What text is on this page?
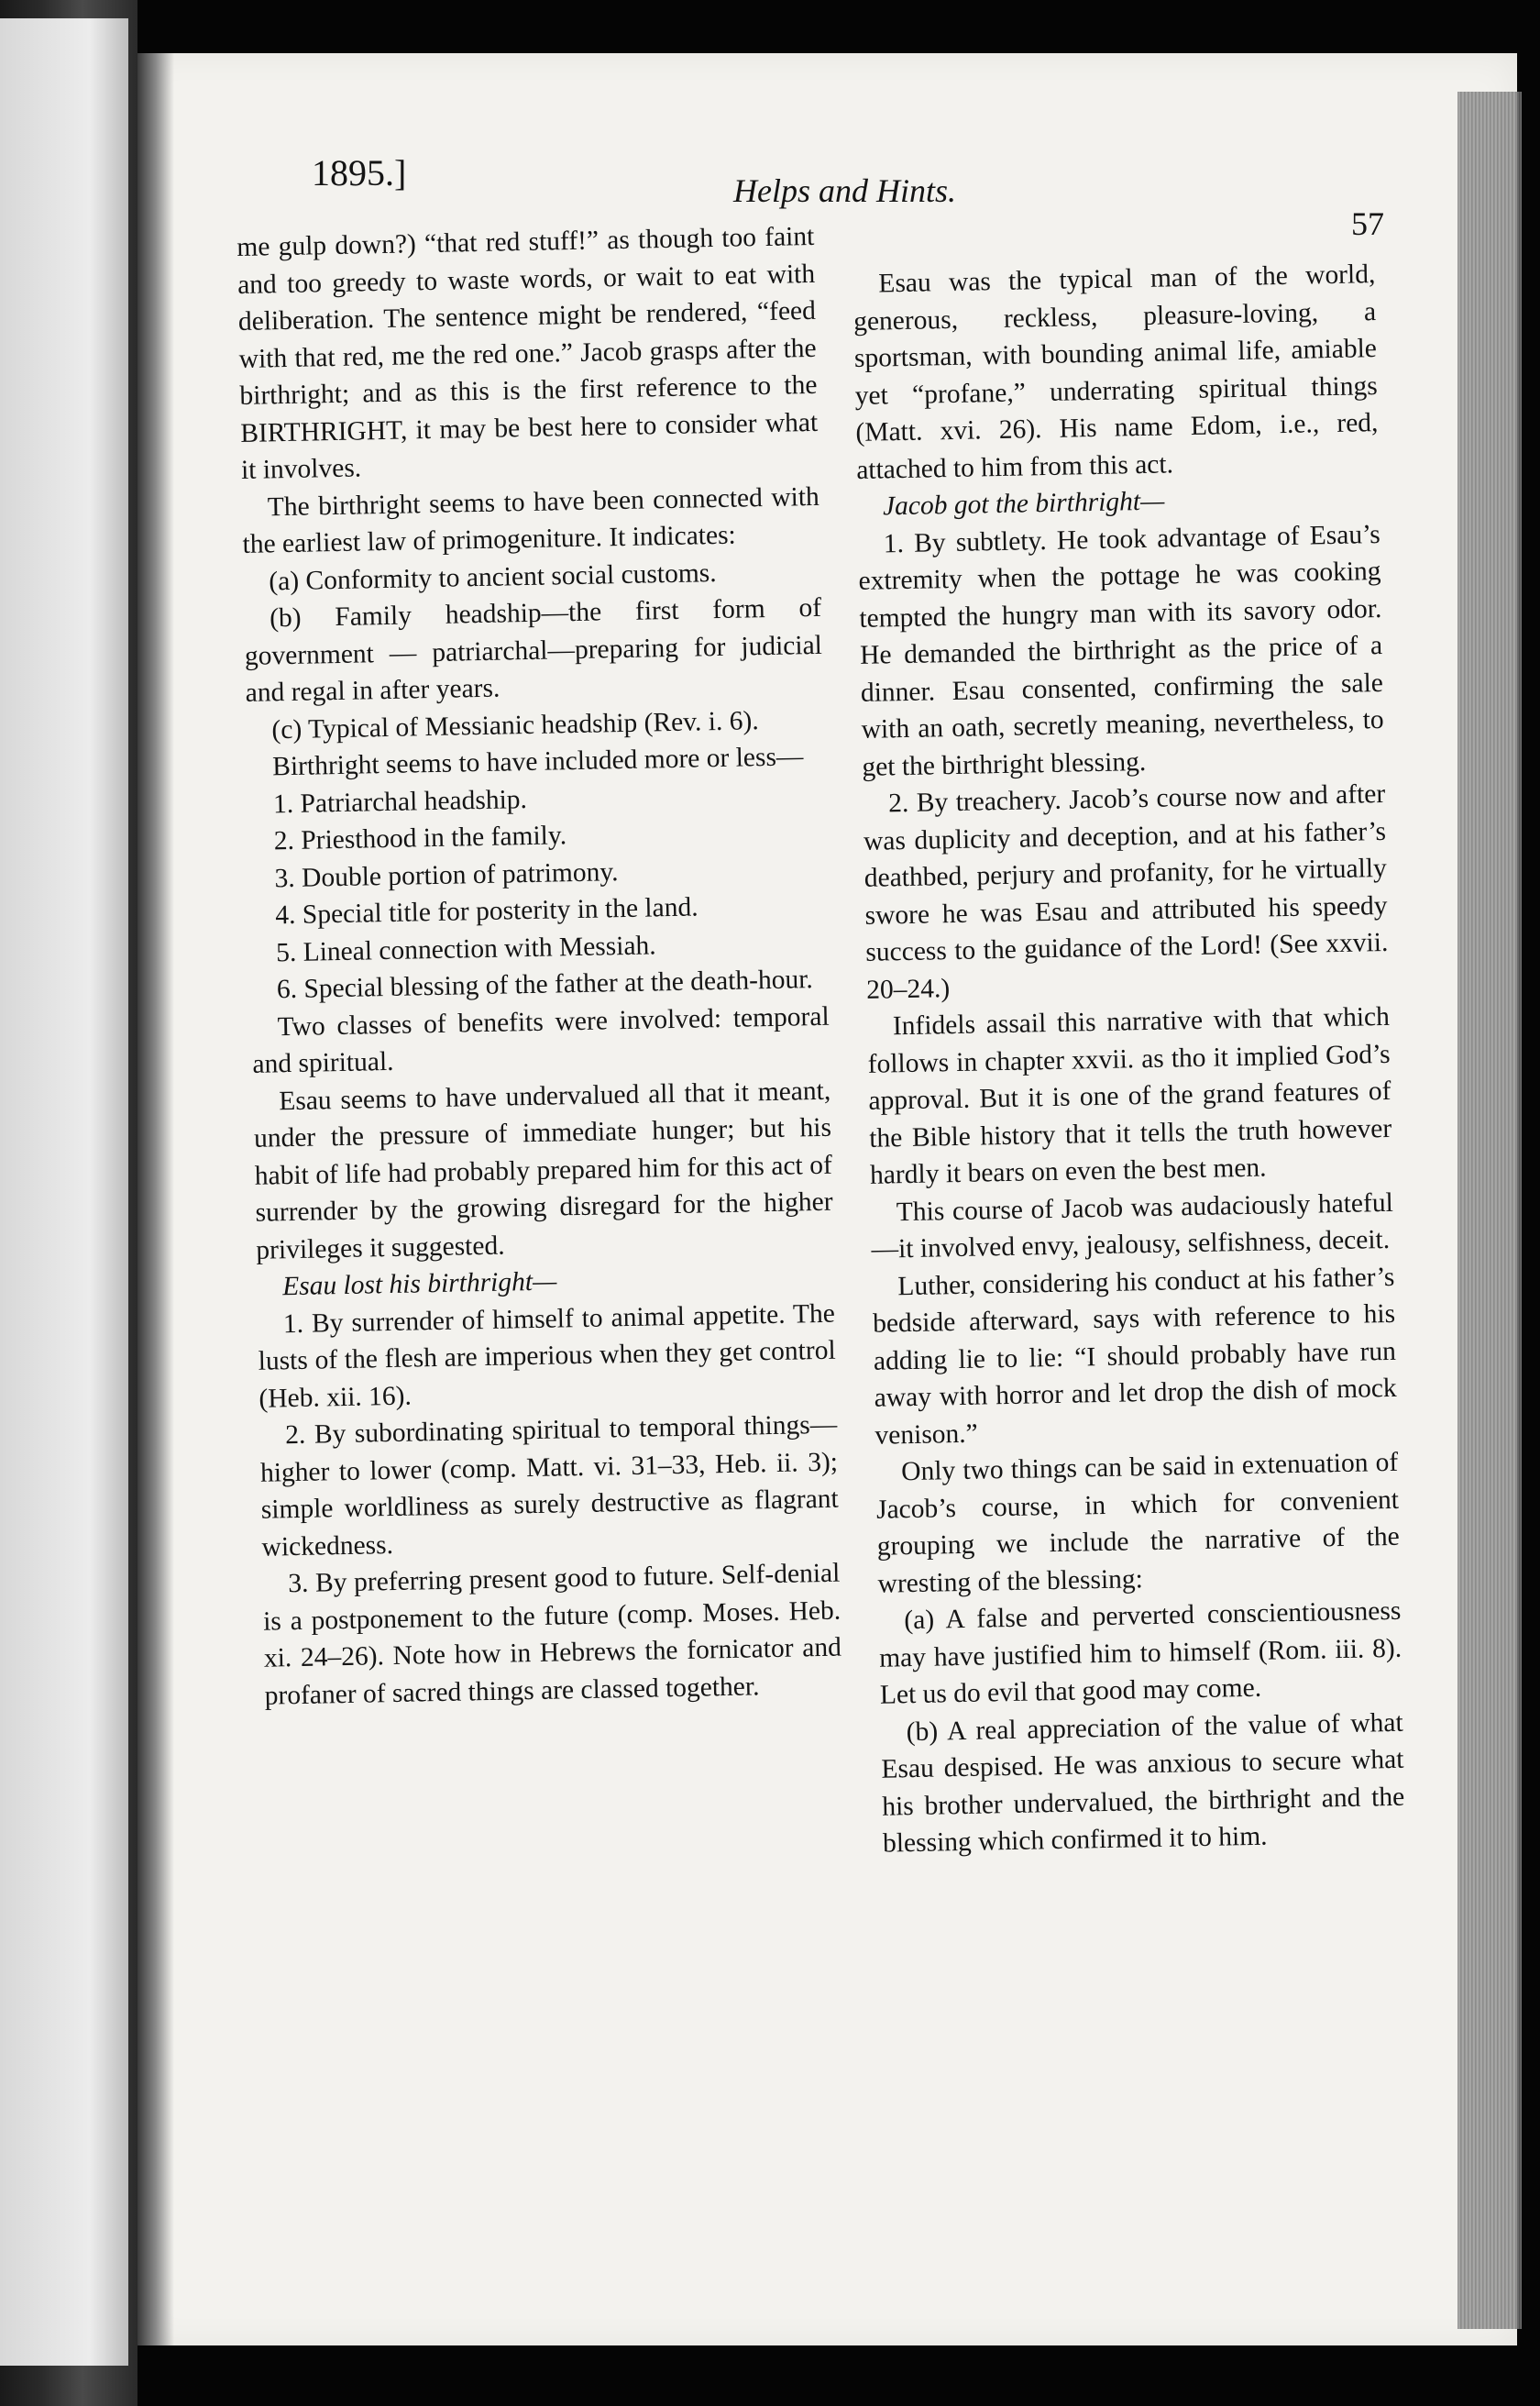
1895.]	Helps and Hints.
57

me gulp down?) “that red stuff!” as though too faint and too greedy to waste words, or wait to eat with deliberation. The sentence might be rendered, “feed with that red, me the red one.” Jacob grasps after the birthright; and as this is the first reference to the BIRTHRIGHT, it may be best here to consider what it involves.

The birthright seems to have been connected with the earliest law of primogeniture. It indicates:

(a) Conformity to ancient social customs.

(b) Family headship—the first form of government — patriarchal—preparing for judicial and regal in after years.

(c) Typical of Messianic headship (Rev. i. 6).

Birthright seems to have included more or less—

1. Patriarchal headship.

2. Priesthood in the family.

3. Double portion of patrimony.

4. Special title for posterity in the land.

5. Lineal connection with Messiah.

6. Special blessing of the father at the death-hour.

Two classes of benefits were involved: temporal and spiritual.

Esau seems to have undervalued all that it meant, under the pressure of immediate hunger; but his habit of life had probably prepared him for this act of surrender by the growing disregard for the higher privileges it suggested.

Esau lost his birthright—

1. By surrender of himself to animal appetite. The lusts of the flesh are imperious when they get control (Heb. xii. 16).

2. By subordinating spiritual to temporal things—higher to lower (comp. Matt. vi. 31–33, Heb. ii. 3); simple worldliness as surely destructive as flagrant wickedness.

3. By preferring present good to future. Self-denial is a postponement to the future (comp. Moses. Heb. xi. 24–26). Note how in Hebrews the fornicator and profaner of sacred things are classed together.

Esau was the typical man of the world, generous, reckless, pleasure-loving, a sportsman, with bounding animal life, amiable yet “profane,” underrating spiritual things (Matt. xvi. 26). His name Edom, i.e., red, attached to him from this act.

Jacob got the birthright—

1. By subtlety. He took advantage of Esau’s extremity when the pottage he was cooking tempted the hungry man with its savory odor. He demanded the birthright as the price of a dinner. Esau consented, confirming the sale with an oath, secretly meaning, nevertheless, to get the birthright blessing.

2. By treachery. Jacob’s course now and after was duplicity and deception, and at his father’s deathbed, perjury and profanity, for he virtually swore he was Esau and attributed his speedy success to the guidance of the Lord! (See xxvii. 20–24.)

Infidels assail this narrative with that which follows in chapter xxvii. as tho it implied God’s approval. But it is one of the grand features of the Bible history that it tells the truth however hardly it bears on even the best men.

This course of Jacob was audaciously hateful—it involved envy, jealousy, selfishness, deceit.

Luther, considering his conduct at his father’s bedside afterward, says with reference to his adding lie to lie: “I should probably have run away with horror and let drop the dish of mock venison.”

Only two things can be said in extenuation of Jacob’s course, in which for convenient grouping we include the narrative of the wresting of the blessing:

(a) A false and perverted conscientiousness may have justified him to himself (Rom. iii. 8). Let us do evil that good may come.

(b) A real appreciation of the value of what Esau despised. He was anxious to secure what his brother undervalued, the birthright and the blessing which confirmed it to him.
